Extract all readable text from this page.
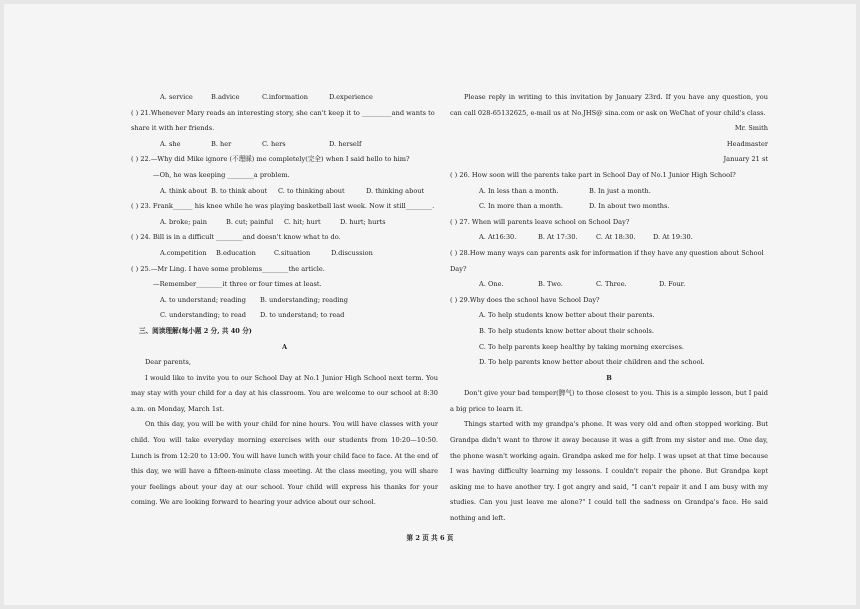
A. service	B.advice	C.information	D.experience
( ) 21.Whenever Mary reads an interesting story, she can't keep it to _________and wants to
share it with her friends.
A. she	B. her	C. hers	D. herself
( ) 22.—Why did Mike ignore (不理睬) me completely(完全) when I said hello to him?
—Oh, he was keeping ________a problem.
A. think about B. to think about	C. to thinking about	D. thinking about
( ) 23. Frank______ his knee while he was playing basketball last week. Now it still________.
A. broke; pain	B. cut; painful	C. hit; hurt	D. hurt; hurts
( ) 24. Bill is in a difficult ________and doesn't know what to do.
A.competition	B.education	C.situation	D.discussion
( ) 25.—Mr Ling. I have some problems________the article.
—Remember________it three or four times at least.
A. to understand; reading	B. understanding; reading
C. understanding; to read	D. to understand; to read
三、阅读理解(每小题 2 分, 共 40 分)
A
Dear parents,
I would like to invite you to our School Day at No.1 Junior High School next term. You may stay with your child for a day at his classroom. You are welcome to our school at 8:30 a.m. on Monday, March 1st.
On this day, you will be with your child for nine hours. You will have classes with your child. You will take everyday morning exercises with our students from 10:20—10:50. Lunch is from 12:20 to 13:00. You will have lunch with your child face to face. At the end of this day, we will have a fifteen-minute class meeting. At the class meeting, you will share your feelings about your day at our school. Your child will express his thanks for your coming. We are looking forward to hearing your advice about our school.
Please reply in writing to this invitation by January 23rd. If you have any question, you can call 028-65132625, e-mail us at No.JHS@ sina.com or ask on WeChat of your child's class.
Mr. Smith
Headmaster
January 21 st
( ) 26. How soon will the parents take part in School Day of No.1 Junior High School?
A. In less than a month.	B. In just a month.
C. In more than a month.	D. In about two months.
( ) 27. When will parents leave school on School Day?
A. At16:30.	B. At 17:30.	C. At 18:30.	D. At 19:30.
( ) 28.How many ways can parents ask for information if they have any question about School
Day?
A. One.	B. Two.	C. Three.	D. Four.
( ) 29.Why does the school have School Day?
A. To help students know better about their parents.
B. To help students know better about their schools.
C. To help parents keep healthy by taking morning exercises.
D. To help parents know better about their children and the school.
B
Don't give your bad temper(脾气) to those closest to you. This is a simple lesson, but I paid a big price to learn it.
Things started with my grandpa's phone. It was very old and often stopped working. But Grandpa didn't want to throw it away because it was a gift from my sister and me. One day, the phone wasn't working again. Grandpa asked me for help. I was upset at that time because I was having difficulty learning my lessons. I couldn't repair the phone. But Grandpa kept asking me to have another try. I got angry and said, "I can't repair it and I am busy with my studies. Can you just leave me alone?" I could tell the sadness on Grandpa's face. He said nothing and left.
第 2 页 共 6 页
